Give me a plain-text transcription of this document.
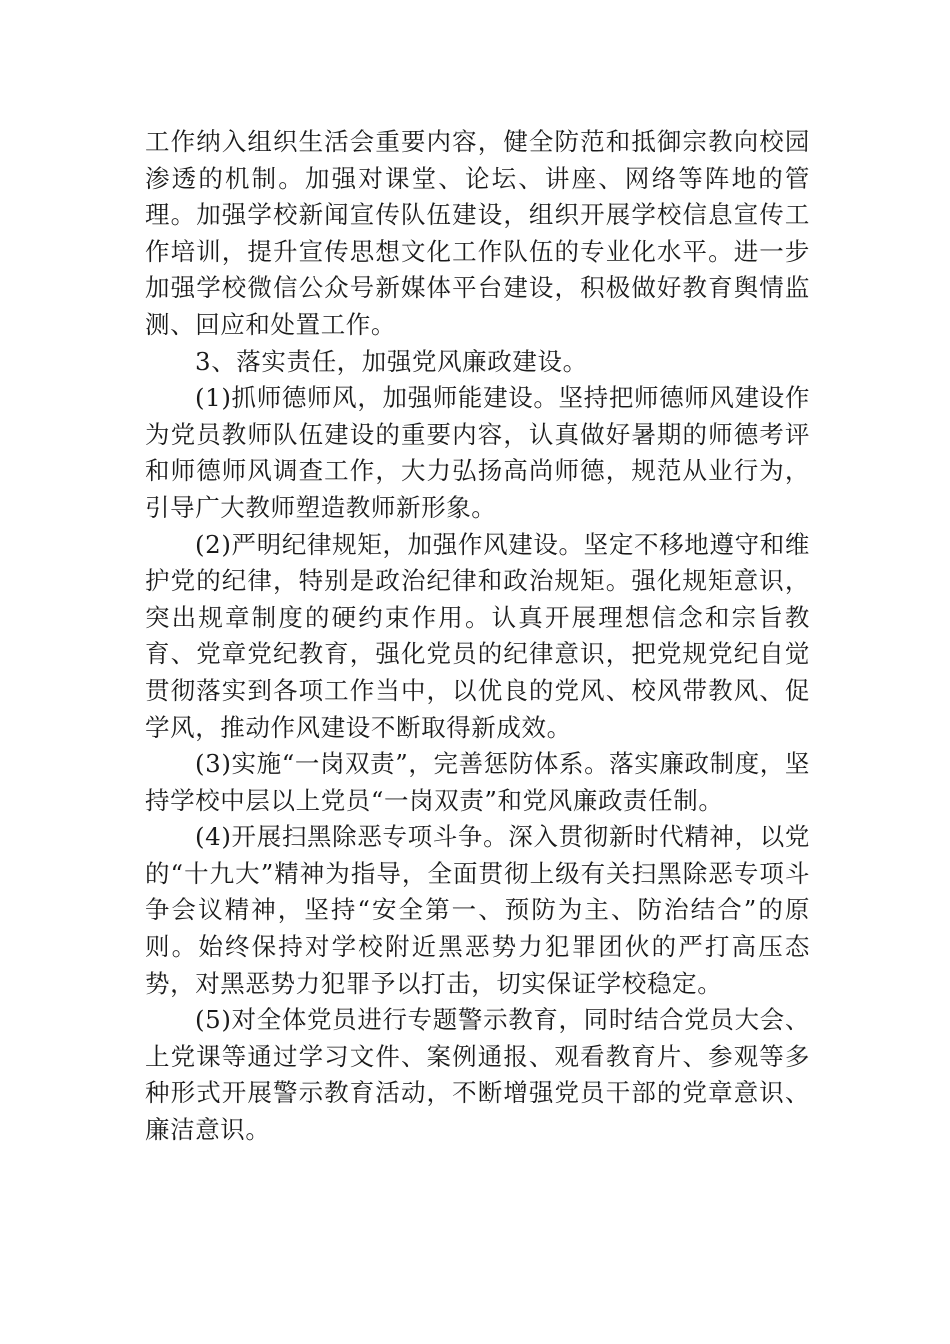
工作纳入组织生活会重要内容，健全防范和抵御宗教向校园渗透的机制。加强对课堂、论坛、讲座、网络等阵地的管理。加强学校新闻宣传队伍建设，组织开展学校信息宣传工作培训，提升宣传思想文化工作队伍的专业化水平。进一步加强学校微信公众号新媒体平台建设，积极做好教育舆情监测、回应和处置工作。

3、落实责任，加强党风廉政建设。

(1)抓师德师风，加强师能建设。坚持把师德师风建设作为党员教师队伍建设的重要内容，认真做好暑期的师德考评和师德师风调查工作，大力弘扬高尚师德，规范从业行为，引导广大教师塑造教师新形象。

(2)严明纪律规矩，加强作风建设。坚定不移地遵守和维护党的纪律，特别是政治纪律和政治规矩。强化规矩意识，突出规章制度的硬约束作用。认真开展理想信念和宗旨教育、党章党纪教育，强化党员的纪律意识，把党规党纪自觉贯彻落实到各项工作当中，以优良的党风、校风带教风、促学风，推动作风建设不断取得新成效。

(3)实施“一岗双责”，完善惩防体系。落实廉政制度，坚持学校中层以上党员“一岗双责”和党风廉政责任制。

(4)开展扫黑除恶专项斗争。深入贯彻新时代精神，以党的“十九大”精神为指导，全面贯彻上级有关扫黑除恶专项斗争会议精神，坚持“安全第一、预防为主、防治结合”的原则。始终保持对学校附近黑恶势力犯罪团伙的严打高压态势，对黑恶势力犯罪予以打击，切实保证学校稳定。

(5)对全体党员进行专题警示教育，同时结合党员大会、上党课等通过学习文件、案例通报、观看教育片、参观等多种形式开展警示教育活动，不断增强党员干部的党章意识、廉洁意识。
